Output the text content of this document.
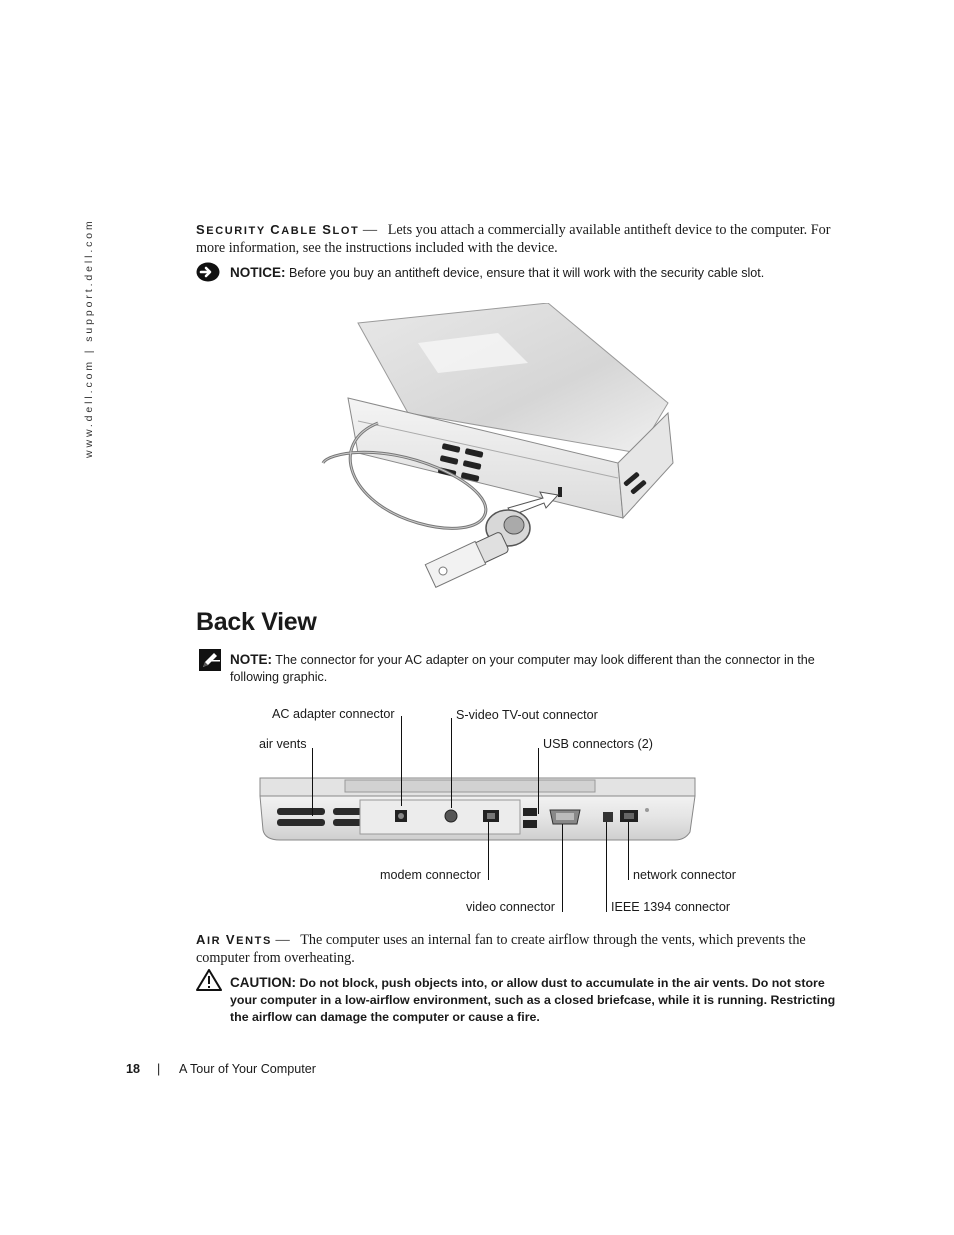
www.dell.com | support.dell.com	SECURITY CABLE SLOT — Lets you attach a commercially available antitheft device to the computer. For
more information, see the instructions included with the device.
NOTICE: Before you buy an antitheft device, ensure that it will work with the security cable slot.
Back View
NOTE: The connector for your AC adapter on your computer may look different than the connector in the
following graphic.
AC adapter connector	S-video TV-out connector
air vents	USB connectors (2)
modem connector	network connector
video connector	IEEE 1394 connector
AIR VENTS — The computer uses an internal fan to create airflow through the vents, which prevents the
computer from overheating.
CAUTION: Do not block, push objects into, or allow dust to accumulate in the air vents. Do not store
your computer in a low-airflow environment, such as a closed briefcase, while it is running. Restricting
the airflow can damage the computer or cause a fire.
18 | A Tour of Your Computer
